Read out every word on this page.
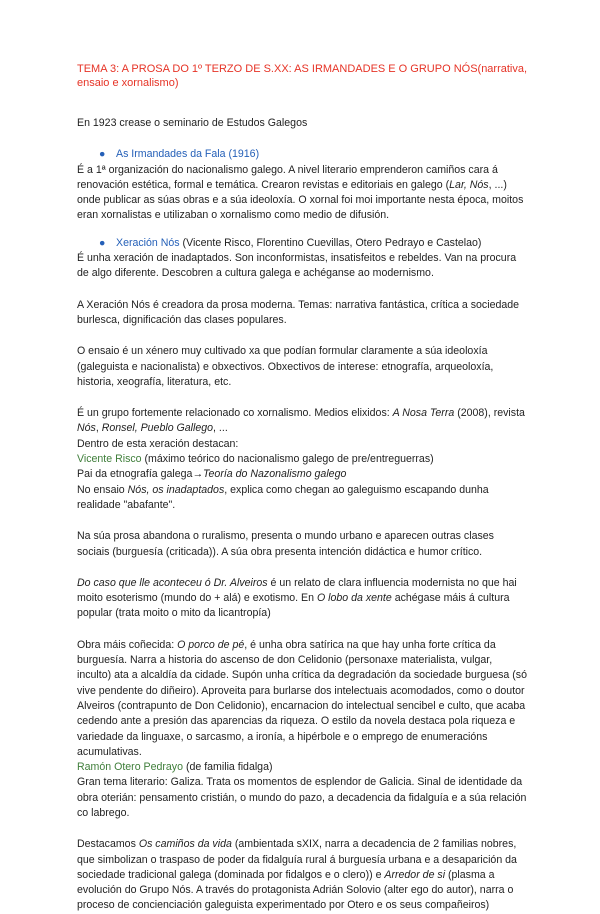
TEMA 3: A PROSA DO 1º TERZO DE S.XX: AS IRMANDADES E O GRUPO NÓS(narrativa, ensaio e xornalismo)

En 1923 crease o seminario de Estudos Galegos

● As Irmandades da Fala (1916)

É a 1ª organización do nacionalismo galego. A nivel literario emprenderon camiños cara á renovación estética, formal e temática. Crearon revistas e editoriais en galego (Lar, Nós, ...) onde publicar as súas obras e a súa ideoloxía. O xornal foi moi importante nesta época, moitos eran xornalistas e utilizaban o xornalismo como medio de difusión.

● Xeración Nós (Vicente Risco, Florentino Cuevillas, Otero Pedrayo e Castelao)

É unha xeración de inadaptados. Son inconformistas, insatisfeitos e rebeldes. Van na procura de algo diferente. Descobren a cultura galega e achéganse ao modernismo.

A Xeración Nós é creadora da prosa moderna. Temas: narrativa fantástica, crítica a sociedade burlesca, dignificación das clases populares.

O ensaio é un xénero muy cultivado xa que podían formular claramente a súa ideoloxía (galeguista e nacionalista) e obxectivos. Obxectivos de interese: etnografía, arqueoloxía, historia, xeografía, literatura, etc.

É un grupo fortemente relacionado co xornalismo. Medios elixidos: A Nosa Terra (2008), revista Nós, Ronsel, Pueblo Gallego, ...

Dentro de esta xeración destacan:

Vicente Risco (máximo teórico do nacionalismo galego de pre/entreguerras)

Pai da etnografía galega→Teoría do Nazonalismo galego

No ensaio Nós, os inadaptados, explica como chegan ao galeguismo escapando dunha realidade "abafante".

Na súa prosa abandona o ruralismo, presenta o mundo urbano e aparecen outras clases sociais (burguesía (criticada)). A súa obra presenta intención didáctica e humor crítico.

Do caso que lle aconteceu ó Dr. Alveiros é un relato de clara influencia modernista no que hai moito esoterismo (mundo do + alá) e exotismo. En O lobo da xente achégase máis á cultura popular (trata moito o mito da licantropía)

Obra máis coñecida: O porco de pé, é unha obra satírica na que hay unha forte crítica da burguesía. Narra a historia do ascenso de don Celidonio (personaxe materialista, vulgar, inculto) ata a alcaldía da cidade. Supón unha crítica da degradación da sociedade burguesa (só vive pendente do diñeiro). Aproveita para burlarse dos intelectuais acomodados, como o doutor Alveiros (contrapunto de Don Celidonio), encarnacion do intelectual sencibel e culto, que acaba cedendo ante a presión das aparencias da riqueza. O estilo da novela destaca pola riqueza e variedade da linguaxe, o sarcasmo, a ironía, a hipérbole e o emprego de enumeracións acumulativas.

Ramón Otero Pedrayo (de familia fidalga)

Gran tema literario: Galiza. Trata os momentos de esplendor de Galicia. Sinal de identidade da obra oterián: pensamento cristián, o mundo do pazo, a decadencia da fidalguía e a súa relación co labrego.

Destacamos Os camiños da vida (ambientada sXIX, narra a decadencia de 2 familias nobres, que simbolizan o traspaso de poder da fidalguía rural á burguesía urbana e a desaparición da sociedade tradicional galega (dominada por fidalgos e o clero)) e Arredor de si (plasma a evolución do Grupo Nós. A través do protagonista Adrián Solovio (alter ego do autor), narra o proceso de concienciación galeguista experimentado por Otero e os seus compañeiros)
